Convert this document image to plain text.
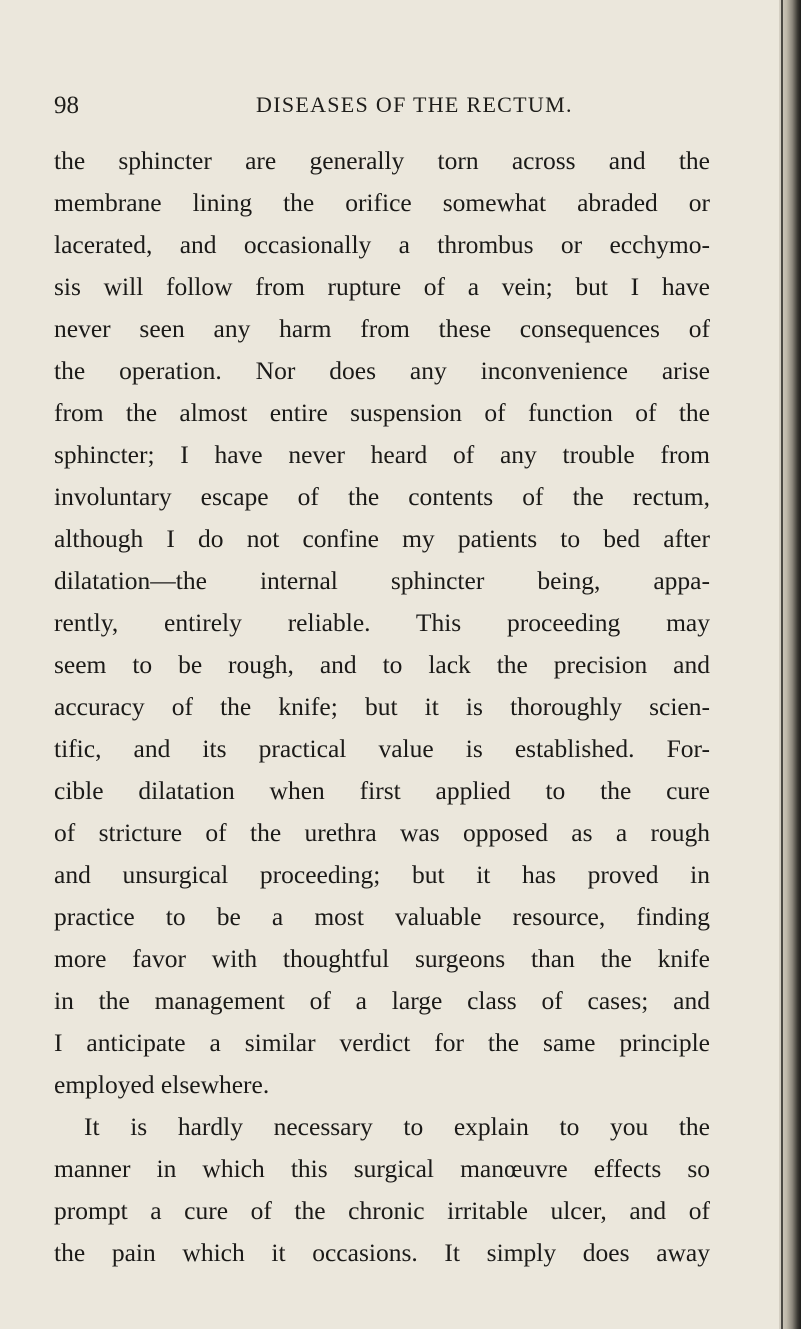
98	DISEASES OF THE RECTUM.
the sphincter are generally torn across and the
membrane lining the orifice somewhat abraded or
lacerated, and occasionally a thrombus or ecchymo-
sis will follow from rupture of a vein; but I have
never seen any harm from these consequences of
the operation. Nor does any inconvenience arise
from the almost entire suspension of function of the
sphincter; I have never heard of any trouble from
involuntary escape of the contents of the rectum,
although I do not confine my patients to bed after
dilatation—the internal sphincter being, appa-
rently, entirely reliable. This proceeding may
seem to be rough, and to lack the precision and
accuracy of the knife; but it is thoroughly scien-
tific, and its practical value is established. For-
cible dilatation when first applied to the cure
of stricture of the urethra was opposed as a rough
and unsurgical proceeding; but it has proved in
practice to be a most valuable resource, finding
more favor with thoughtful surgeons than the knife
in the management of a large class of cases; and
I anticipate a similar verdict for the same principle
employed elsewhere.
It is hardly necessary to explain to you the
manner in which this surgical manœuvre effects so
prompt a cure of the chronic irritable ulcer, and of
the pain which it occasions. It simply does away
